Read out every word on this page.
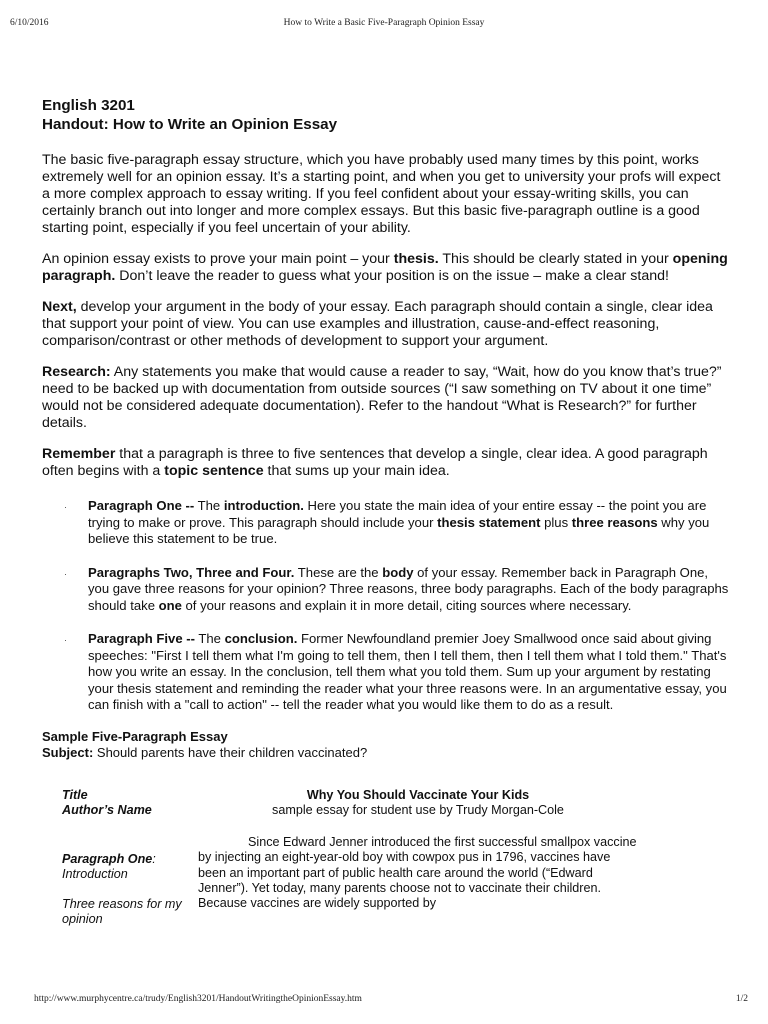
6/10/2016	How to Write a Basic Five-Paragraph Opinion Essay
English 3201
Handout: How to Write an Opinion Essay

The basic five-paragraph essay structure, which you have probably used many times by this point, works extremely well for an opinion essay. It’s a starting point, and when you get to university your profs will expect a more complex approach to essay writing. If you feel confident about your essay-writing skills, you can certainly branch out into longer and more complex essays. But this basic five-paragraph outline is a good starting point, especially if you feel uncertain of your ability.

An opinion essay exists to prove your main point – your thesis. This should be clearly stated in your opening paragraph. Don’t leave the reader to guess what your position is on the issue – make a clear stand!

Next, develop your argument in the body of your essay. Each paragraph should contain a single, clear idea that support your point of view. You can use examples and illustration, cause-and-effect reasoning, comparison/contrast or other methods of development to support your argument.

Research: Any statements you make that would cause a reader to say, “Wait, how do you know that’s true?” need to be backed up with documentation from outside sources (“I saw something on TV about it one time” would not be considered adequate documentation). Refer to the handout “What is Research?” for further details.

Remember that a paragraph is three to five sentences that develop a single, clear idea. A good paragraph often begins with a topic sentence that sums up your main idea.

· Paragraph One -- The introduction. Here you state the main idea of your entire essay -- the point you are trying to make or prove. This paragraph should include your thesis statement plus three reasons why you believe this statement to be true.
· Paragraphs Two, Three and Four. These are the body of your essay. Remember back in Paragraph One, you gave three reasons for your opinion? Three reasons, three body paragraphs. Each of the body paragraphs should take one of your reasons and explain it in more detail, citing sources where necessary.
· Paragraph Five -- The conclusion. Former Newfoundland premier Joey Smallwood once said about giving speeches: "First I tell them what I'm going to tell them, then I tell them, then I tell them what I told them." That's how you write an essay. In the conclusion, tell them what you told them. Sum up your argument by restating your thesis statement and reminding the reader what your three reasons were. In an argumentative essay, you can finish with a "call to action" -- tell the reader what you would like them to do as a result.
Sample Five-Paragraph Essay
Subject: Should parents have their children vaccinated?
Title
Author’s Name
Paragraph One:
Introduction
Three reasons for my opinion
Why You Should Vaccinate Your Kids
sample essay for student use by Trudy Morgan-Cole
Since Edward Jenner introduced the first successful smallpox vaccine by injecting an eight-year-old boy with cowpox pus in 1796, vaccines have been an important part of public health care around the world (“Edward Jenner”). Yet today, many parents choose not to vaccinate their children. Because vaccines are widely supported by
http://www.murphycentre.ca/trudy/English3201/HandoutWritingtheOpinionEssay.htm	1/2
